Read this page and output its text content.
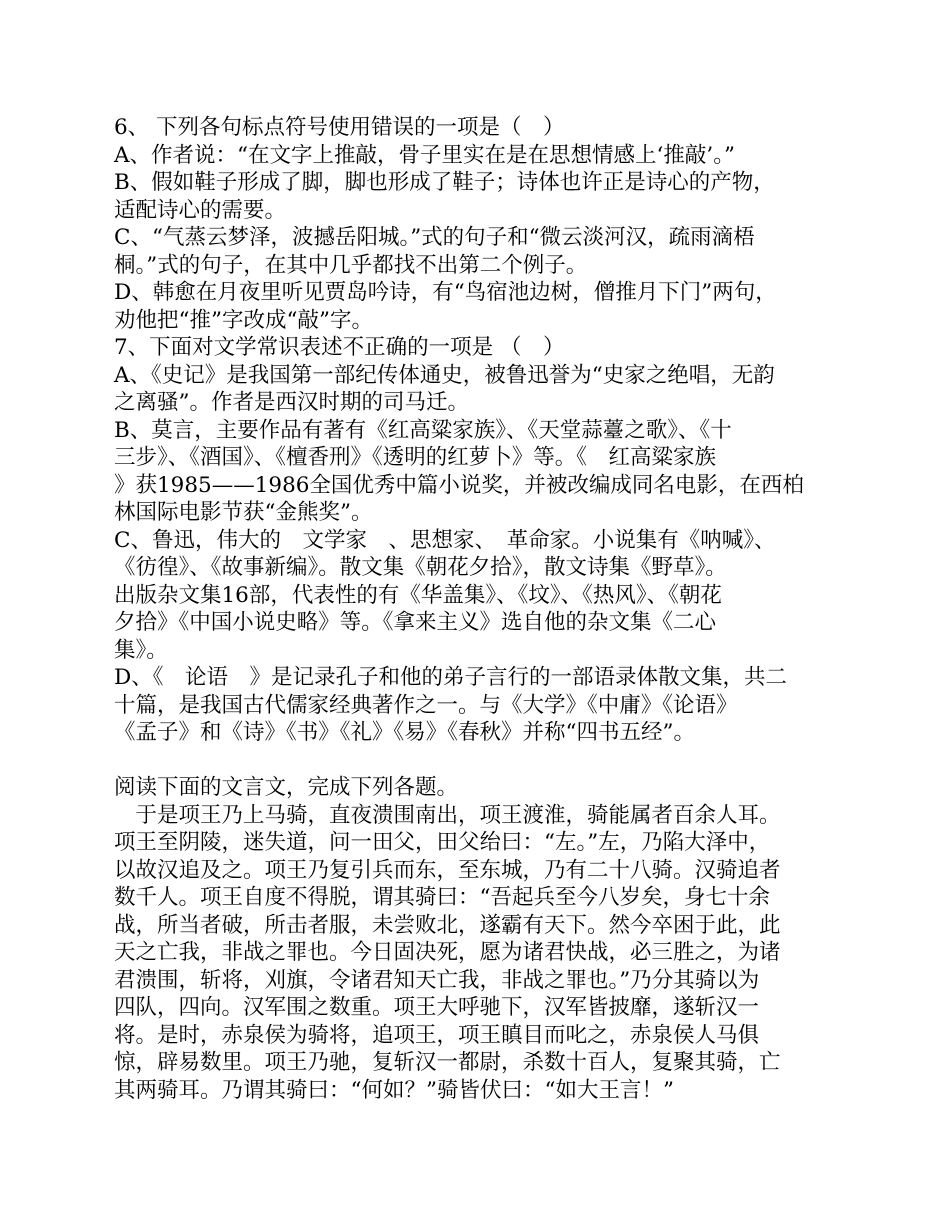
6、 下列各句标点符号使用错误的一项是（　）
A、作者说：“在文字上推敲，骨子里实在是在思想情感上‘推敲’。”
B、假如鞋子形成了脚，脚也形成了鞋子；诗体也许正是诗心的产物，
适配诗心的需要。
C、“气蒸云梦泽，波撼岳阳城。”式的句子和“微云淡河汉，疏雨滴梧
桐。”式的句子，在其中几乎都找不出第二个例子。
D、韩愈在月夜里听见贾岛吟诗，有“鸟宿池边树，僧推月下门”两句，
劝他把“推”字改成“敲”字。
7、下面对文学常识表述不正确的一项是 （　）
A、《史记》是我国第一部纪传体通史，被鲁迅誉为“史家之绝唱，无韵
之离骚”。作者是西汉时期的司马迁。
B、莫言，主要作品有著有《红高粱家族》、《天堂蒜薹之歌》、《十
三步》、《酒国》、《檀香刑》《透明的红萝卜》等。《　红高粱家族
》获1985——1986全国优秀中篇小说奖，并被改编成同名电影，在西柏
林国际电影节获“金熊奖”。
C、鲁迅，伟大的　文学家　、思想家、　革命家。小说集有《呐喊》、
《彷徨》、《故事新编》。散文集《朝花夕拾》，散文诗集《野草》。
出版杂文集16部，代表性的有《华盖集》、《坟》、《热风》、《朝花
夕拾》《中国小说史略》等。《拿来主义》选自他的杂文集《二心
集》。
D、《　论语　》是记录孔子和他的弟子言行的一部语录体散文集，共二
十篇，是我国古代儒家经典著作之一。与《大学》《中庸》《论语》
《孟子》和《诗》《书》《礼》《易》《春秋》并称“四书五经”。
阅读下面的文言文，完成下列各题。
　于是项王乃上马骑，直夜溃围南出，项王渡淮，骑能属者百余人耳。
项王至阴陵，迷失道，问一田父，田父绐曰：“左。”左，乃陷大泽中，
以故汉追及之。项王乃复引兵而东，至东城，乃有二十八骑。汉骑追者
数千人。项王自度不得脱，谓其骑曰：“吾起兵至今八岁矣，身七十余
战，所当者破，所击者服，未尝败北，遂霸有天下。然今卒困于此，此
天之亡我，非战之罪也。今日固决死，愿为诸君快战，必三胜之，为诸
君溃围，斩将，刈旗，令诸君知天亡我，非战之罪也。”乃分其骑以为
四队，四向。汉军围之数重。项王大呼驰下，汉军皆披靡，遂斩汉一
将。是时，赤泉侯为骑将，追项王，项王瞋目而叱之，赤泉侯人马俱
惊，辟易数里。项王乃驰，复斩汉一都尉，杀数十百人，复聚其骑，亡
其两骑耳。乃谓其骑曰：“何如？”骑皆伏曰：“如大王言！”
